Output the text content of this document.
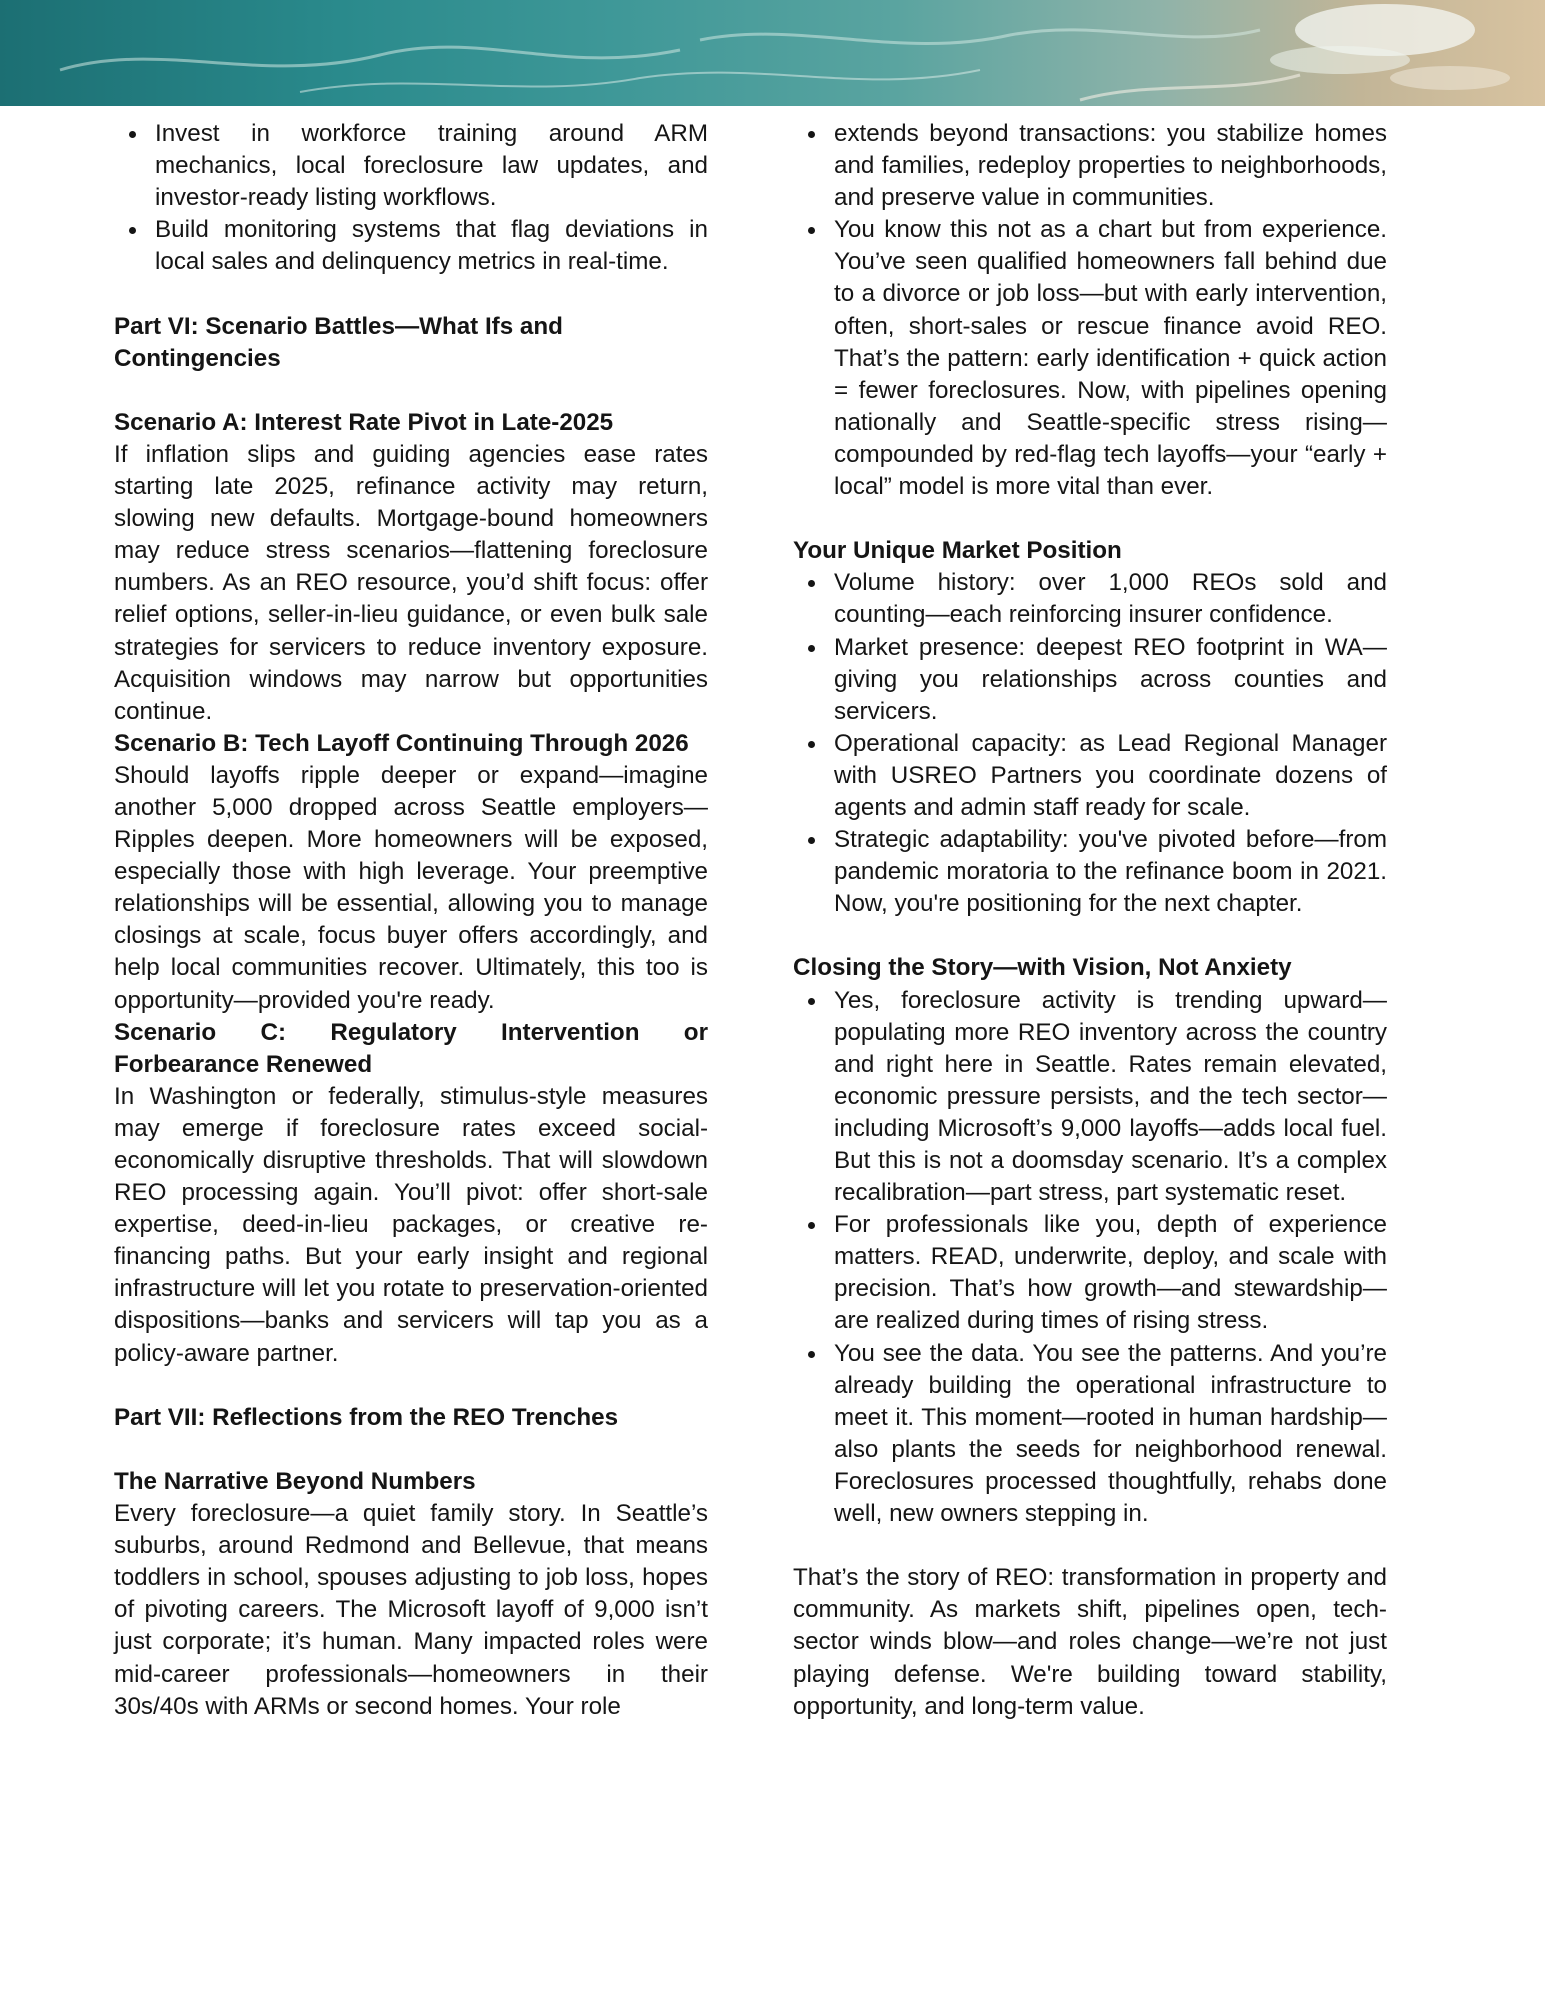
Invest in workforce training around ARM mechanics, local foreclosure law updates, and investor-ready listing workflows.
Build monitoring systems that flag deviations in local sales and delinquency metrics in real-time.

Part VI: Scenario Battles—What Ifs and Contingencies

Scenario A: Interest Rate Pivot in Late-2025

If inflation slips and guiding agencies ease rates starting late 2025, refinance activity may return, slowing new defaults. Mortgage-bound homeowners may reduce stress scenarios—flattening foreclosure numbers. As an REO resource, you’d shift focus: offer relief options, seller-in-lieu guidance, or even bulk sale strategies for servicers to reduce inventory exposure. Acquisition windows may narrow but opportunities continue.

Scenario B: Tech Layoff Continuing Through 2026

Should layoffs ripple deeper or expand—imagine another 5,000 dropped across Seattle employers—Ripples deepen. More homeowners will be exposed, especially those with high leverage. Your preemptive relationships will be essential, allowing you to manage closings at scale, focus buyer offers accordingly, and help local communities recover. Ultimately, this too is opportunity—provided you're ready.

Scenario C: Regulatory Intervention or Forbearance Renewed

In Washington or federally, stimulus-style measures may emerge if foreclosure rates exceed social-economically disruptive thresholds. That will slowdown REO processing again. You’ll pivot: offer short-sale expertise, deed-in-lieu packages, or creative re-financing paths. But your early insight and regional infrastructure will let you rotate to preservation-oriented dispositions—banks and servicers will tap you as a policy-aware partner.

Part VII: Reflections from the REO Trenches

The Narrative Beyond Numbers

Every foreclosure—a quiet family story. In Seattle’s suburbs, around Redmond and Bellevue, that means toddlers in school, spouses adjusting to job loss, hopes of pivoting careers. The Microsoft layoff of 9,000 isn’t just corporate; it’s human. Many impacted roles were mid-career professionals—homeowners in their 30s/40s with ARMs or second homes. Your role

extends beyond transactions: you stabilize homes and families, redeploy properties to neighborhoods, and preserve value in communities.
You know this not as a chart but from experience. You’ve seen qualified homeowners fall behind due to a divorce or job loss—but with early intervention, often, short-sales or rescue finance avoid REO. That’s the pattern: early identification + quick action = fewer foreclosures. Now, with pipelines opening nationally and Seattle-specific stress rising—compounded by red-flag tech layoffs—your “early + local” model is more vital than ever.

Your Unique Market Position

Volume history: over 1,000 REOs sold and counting—each reinforcing insurer confidence.
Market presence: deepest REO footprint in WA—giving you relationships across counties and servicers.
Operational capacity: as Lead Regional Manager with USREO Partners you coordinate dozens of agents and admin staff ready for scale.
Strategic adaptability: you've pivoted before—from pandemic moratoria to the refinance boom in 2021. Now, you're positioning for the next chapter.

Closing the Story—with Vision, Not Anxiety

Yes, foreclosure activity is trending upward—populating more REO inventory across the country and right here in Seattle. Rates remain elevated, economic pressure persists, and the tech sector—including Microsoft’s 9,000 layoffs—adds local fuel. But this is not a doomsday scenario. It’s a complex recalibration—part stress, part systematic reset.
For professionals like you, depth of experience matters. READ, underwrite, deploy, and scale with precision. That’s how growth—and stewardship—are realized during times of rising stress.
You see the data. You see the patterns. And you’re already building the operational infrastructure to meet it. This moment—rooted in human hardship—also plants the seeds for neighborhood renewal. Foreclosures processed thoughtfully, rehabs done well, new owners stepping in.

That’s the story of REO: transformation in property and community. As markets shift, pipelines open, tech-sector winds blow—and roles change—we’re not just playing defense. We're building toward stability, opportunity, and long-term value.
